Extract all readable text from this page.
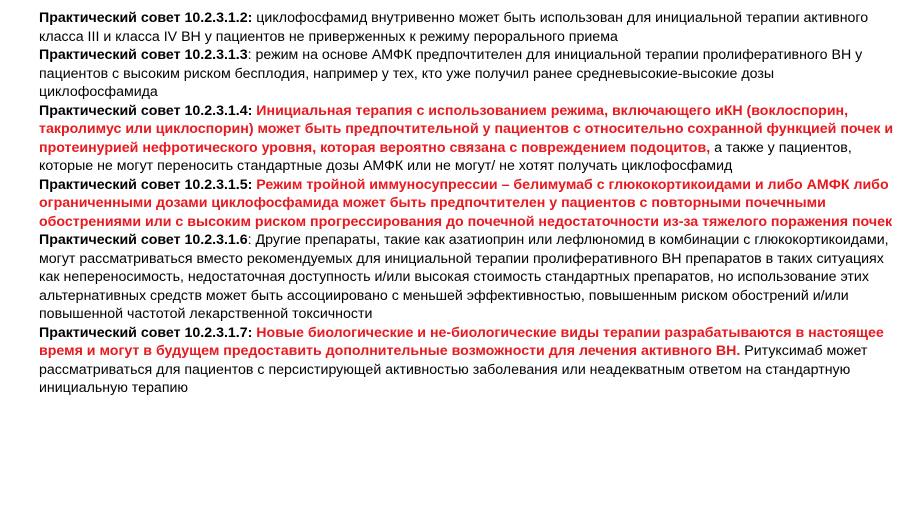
Практический совет 10.2.3.1.2: циклофосфамид внутривенно может быть использован для инициальной терапии активного класса III и класса IV ВН у пациентов не приверженных к режиму перорального приема

Практический совет 10.2.3.1.3: режим на основе АМФК предпочтителен для инициальной терапии пролиферативного ВН у пациентов с высоким риском бесплодия, например у тех, кто уже получил ранее средневысокие-высокие дозы циклофосфамида

Практический совет 10.2.3.1.4: Инициальная терапия с использованием режима, включающего иКН (воклоспорин, такролимус или циклоспорин) может быть предпочтительной у пациентов с относительно сохранной функцией почек и протеинурией нефротического уровня, которая вероятно связана с повреждением подоцитов, а также у пациентов, которые не могут переносить стандартные дозы АМФК или не могут/ не хотят получать циклофосфамид

Практический совет 10.2.3.1.5: Режим тройной иммуносупрессии – белимумаб с глюкокортикоидами и либо АМФК либо ограниченными дозами циклофосфамида может быть предпочтителен у пациентов с повторными почечными обострениями или с высоким риском прогрессирования до почечной недостаточности из-за тяжелого поражения почек

Практический совет 10.2.3.1.6: Другие препараты, такие как азатиоприн или лефлюномид в комбинации с глюкокортикоидами, могут рассматриваться вместо рекомендуемых для инициальной терапии пролиферативного ВН препаратов в таких ситуациях как непереносимость, недостаточная доступность и/или высокая стоимость стандартных препаратов, но использование этих альтернативных средств может быть ассоциировано с меньшей эффективностью, повышенным риском обострений и/или повышенной частотой лекарственной токсичности

Практический совет 10.2.3.1.7: Новые биологические и не-биологические виды терапии разрабатываются в настоящее время и могут в будущем предоставить дополнительные возможности для лечения активного ВН. Ритуксимаб может рассматриваться для пациентов с персистирующей активностью заболевания или неадекватным ответом на стандартную инициальную терапию
